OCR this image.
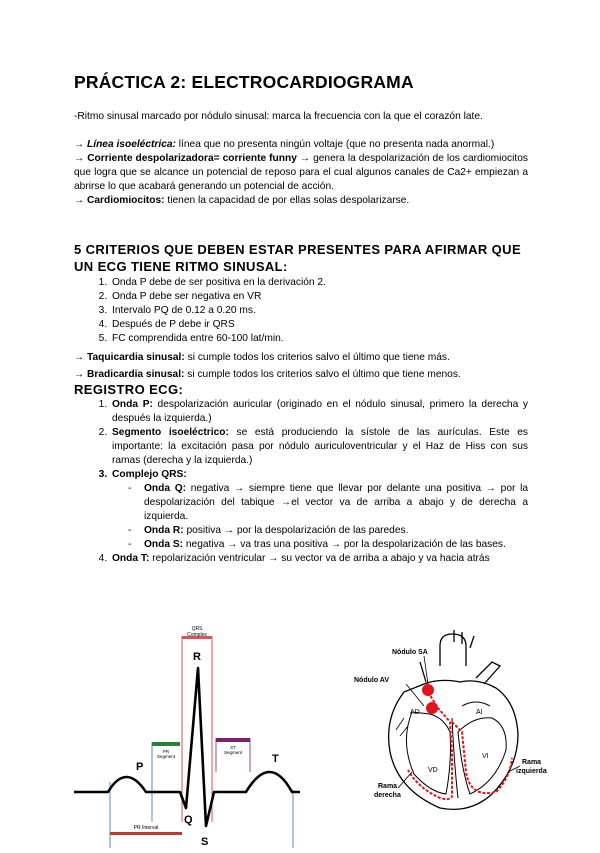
PRÁCTICA 2: ELECTROCARDIOGRAMA

-Ritmo sinusal marcado por nódulo sinusal: marca la frecuencia con la que el corazón late.

→ Línea isoeléctrica: línea que no presenta ningún voltaje (que no presenta nada anormal.)

→ Corriente despolarizadora= corriente funny → genera la despolarización de los cardiomiocitos que logra que se alcance un potencial de reposo para el cual algunos canales de Ca2+ empiezan a abrirse lo que acabará generando un potencial de acción.

→ Cardiomiocitos: tienen la capacidad de por ellas solas despolarizarse.

5 CRITERIOS QUE DEBEN ESTAR PRESENTES PARA AFIRMAR QUE UN ECG TIENE RITMO SINUSAL:
1. Onda P debe de ser positiva en la derivación 2.
2. Onda P debe ser negativa en VR
3. Intervalo PQ de 0.12 a 0.20 ms.
4. Después de P debe ir QRS
5. FC comprendida entre 60-100 lat/min.

→ Taquicardia sinusal: si cumple todos los criterios salvo el último que tiene más.

→ Bradicardia sinusal: si cumple todos los criterios salvo el último que tiene menos.

REGISTRO ECG:
1. Onda P: despolarización auricular (originado en el nódulo sinusal, primero la derecha y después la izquierda.)
2. Segmento isoeléctrico: se está produciendo la sístole de las aurículas. Este es importante: la excitación pasa por nódulo auriculoventricular y el Haz de Hiss con sus ramas (derecha y la izquierda.)
3. Complejo QRS:
- Onda Q: negativa → siempre tiene que llevar por delante una positiva → por la despolarización del tabique →el vector va de arriba a abajo y de derecha a izquierda.
- Onda R: positiva → por la despolarización de las paredes.
- Onda S: negativa → va tras una positiva → por la despolarización de las bases.
4. Onda T: repolarización ventricular → su vector va de arriba a abajo y va hacia atrás
QRS
Complex
PR
Segment
ST
Segment
PR Interval
P
Q
R
S
T
Nódulo SA
Nódulo AV
AD	AI
VD
VI
Rama
izquierda
Rama
derecha
